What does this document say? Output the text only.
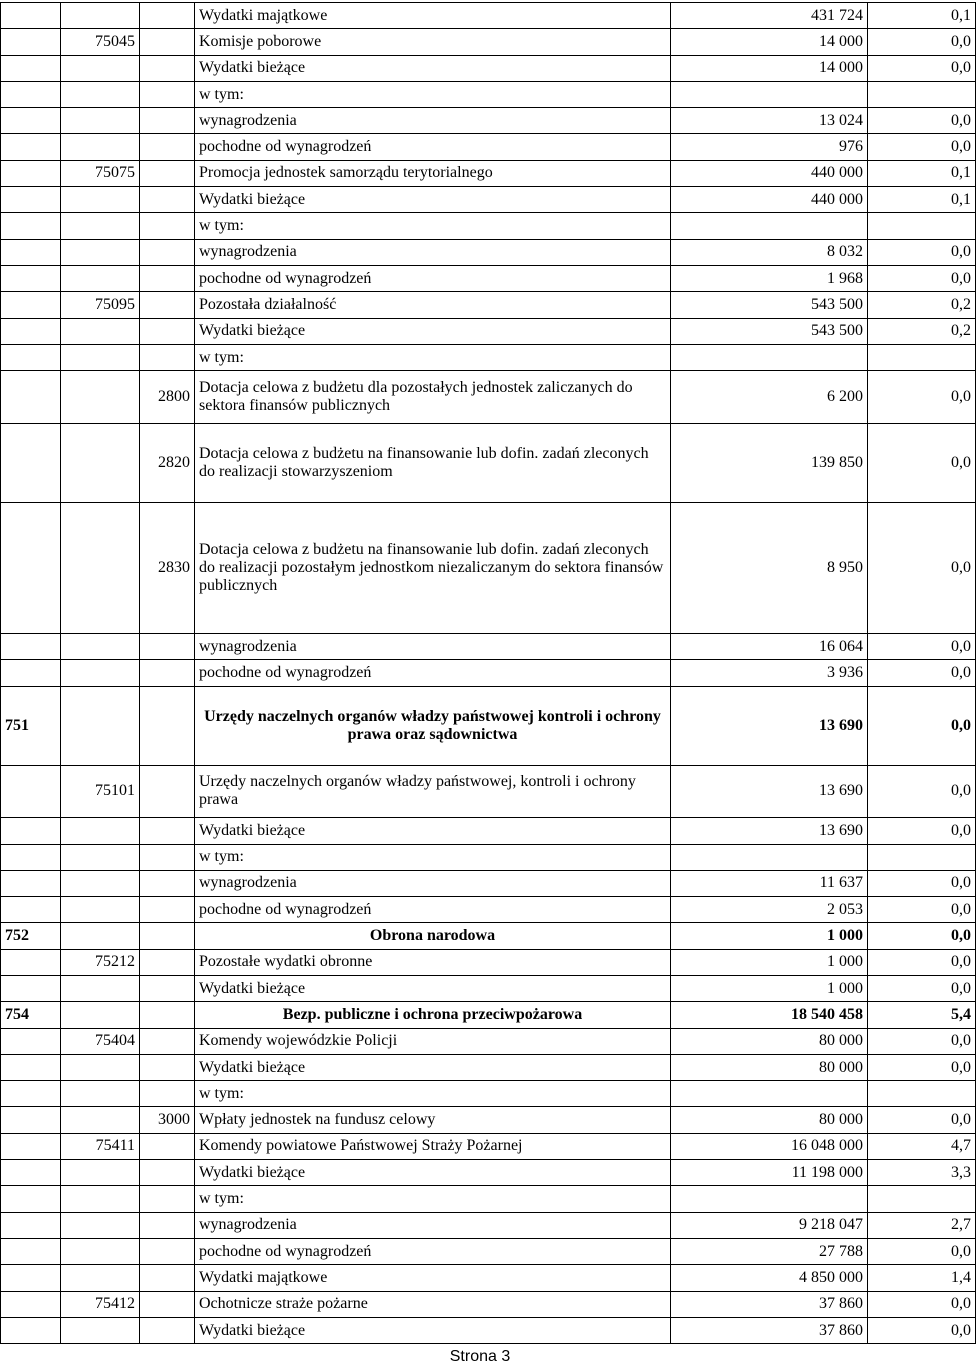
			Wydatki majątkowe	431 724	0,1
	75045		Komisje poborowe	14 000	0,0
			Wydatki bieżące	14 000	0,0
			w tym:		
			wynagrodzenia	13 024	0,0
			pochodne od wynagrodzeń	976	0,0
	75075		Promocja jednostek samorządu terytorialnego	440 000	0,1
			Wydatki bieżące	440 000	0,1
			w tym:		
			wynagrodzenia	8 032	0,0
			pochodne od wynagrodzeń	1 968	0,0
	75095		Pozostała działalność	543 500	0,2
			Wydatki bieżące	543 500	0,2
			w tym:		
		2800	Dotacja celowa z budżetu dla pozostałych jednostek zaliczanych do sektora finansów publicznych	6 200	0,0
		2820	Dotacja celowa z budżetu na finansowanie lub dofin. zadań zleconych do realizacji stowarzyszeniom	139 850	0,0
		2830	Dotacja celowa z budżetu na finansowanie lub dofin. zadań zleconych do realizacji pozostałym jednostkom niezaliczanym do sektora finansów publicznych	8 950	0,0
			wynagrodzenia	16 064	0,0
			pochodne od wynagrodzeń	3 936	0,0
751			Urzędy naczelnych organów władzy państwowej kontroli i ochrony prawa oraz sądownictwa	13 690	0,0
	75101		Urzędy naczelnych organów władzy państwowej, kontroli i ochrony prawa	13 690	0,0
			Wydatki bieżące	13 690	0,0
			w tym:		
			wynagrodzenia	11 637	0,0
			pochodne od wynagrodzeń	2 053	0,0
752			Obrona narodowa	1 000	0,0
	75212		Pozostałe wydatki obronne	1 000	0,0
			Wydatki bieżące	1 000	0,0
754			Bezp. publiczne i ochrona przeciwpożarowa	18 540 458	5,4
	75404		Komendy wojewódzkie Policji	80 000	0,0
			Wydatki bieżące	80 000	0,0
			w tym:		
		3000	Wpłaty jednostek na fundusz celowy	80 000	0,0
	75411		Komendy powiatowe Państwowej Straży Pożarnej	16 048 000	4,7
			Wydatki bieżące	11 198 000	3,3
			w tym:		
			wynagrodzenia	9 218 047	2,7
			pochodne od wynagrodzeń	27 788	0,0
			Wydatki majątkowe	4 850 000	1,4
	75412		Ochotnicze straże pożarne	37 860	0,0
			Wydatki bieżące	37 860	0,0
Strona 3
